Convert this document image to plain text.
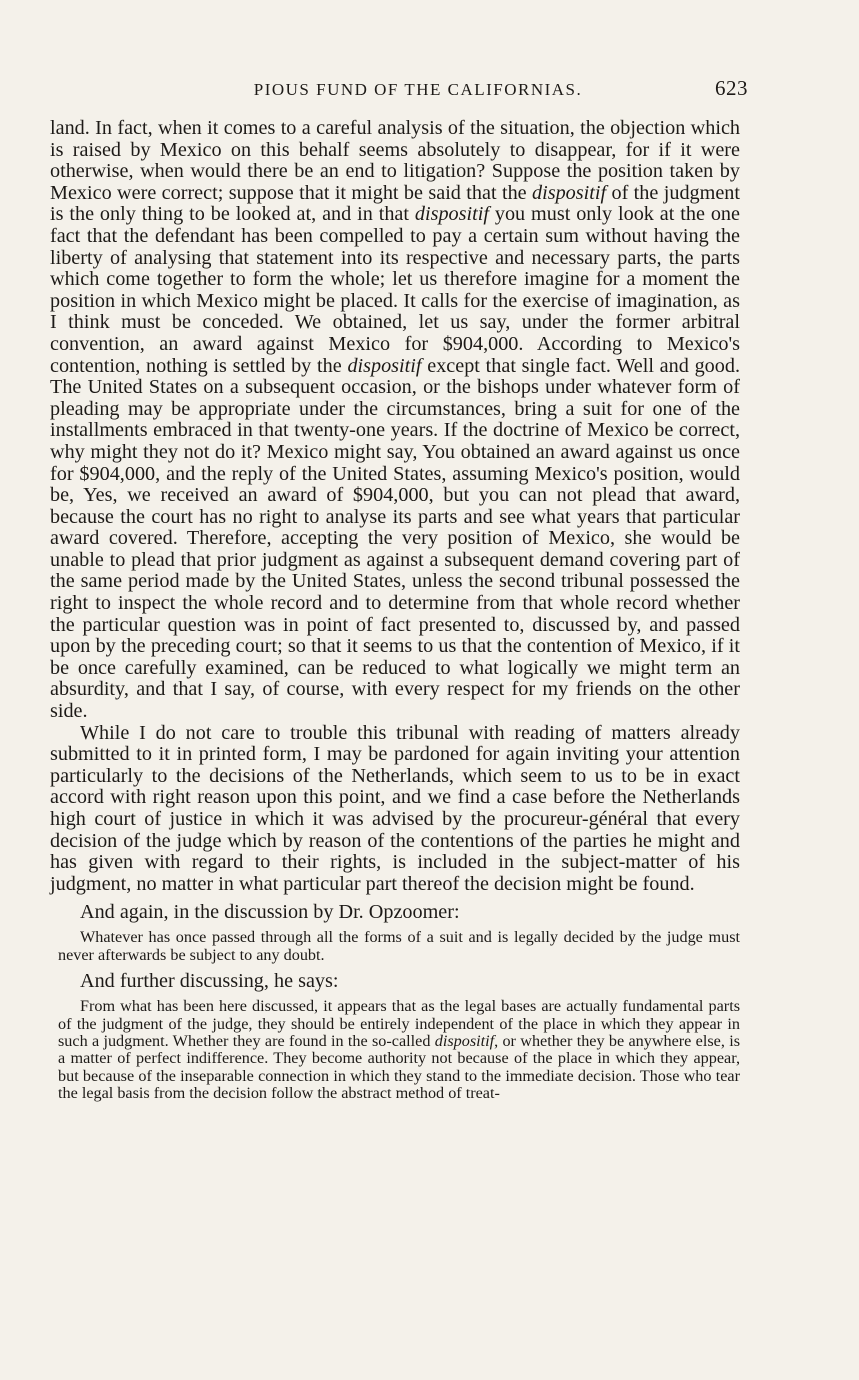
PIOUS FUND OF THE CALIFORNIAS.	623

land. In fact, when it comes to a careful analysis of the situation, the objection which is raised by Mexico on this behalf seems absolutely to disappear, for if it were otherwise, when would there be an end to litigation? Suppose the position taken by Mexico were correct; suppose that it might be said that the dispositif of the judgment is the only thing to be looked at, and in that dispositif you must only look at the one fact that the defendant has been compelled to pay a certain sum without having the liberty of analysing that statement into its respective and necessary parts, the parts which come together to form the whole; let us therefore imagine for a moment the position in which Mexico might be placed. It calls for the exercise of imagination, as I think must be conceded. We obtained, let us say, under the former arbitral convention, an award against Mexico for $904,000. According to Mexico's contention, nothing is settled by the dispositif except that single fact. Well and good. The United States on a subsequent occasion, or the bishops under whatever form of pleading may be appropriate under the circumstances, bring a suit for one of the installments embraced in that twenty-one years. If the doctrine of Mexico be correct, why might they not do it? Mexico might say, You obtained an award against us once for $904,000, and the reply of the United States, assuming Mexico's position, would be, Yes, we received an award of $904,000, but you can not plead that award, because the court has no right to analyse its parts and see what years that particular award covered. Therefore, accepting the very position of Mexico, she would be unable to plead that prior judgment as against a subsequent demand covering part of the same period made by the United States, unless the second tribunal possessed the right to inspect the whole record and to determine from that whole record whether the particular question was in point of fact presented to, discussed by, and passed upon by the preceding court; so that it seems to us that the contention of Mexico, if it be once carefully examined, can be reduced to what logically we might term an absurdity, and that I say, of course, with every respect for my friends on the other side.

While I do not care to trouble this tribunal with reading of matters already submitted to it in printed form, I may be pardoned for again inviting your attention particularly to the decisions of the Netherlands, which seem to us to be in exact accord with right reason upon this point, and we find a case before the Netherlands high court of justice in which it was advised by the procureur-général that every decision of the judge which by reason of the contentions of the parties he might and has given with regard to their rights, is included in the subject-matter of his judgment, no matter in what particular part thereof the decision might be found.

And again, in the discussion by Dr. Opzoomer:

Whatever has once passed through all the forms of a suit and is legally decided by the judge must never afterwards be subject to any doubt.

And further discussing, he says:

From what has been here discussed, it appears that as the legal bases are actually fundamental parts of the judgment of the judge, they should be entirely independent of the place in which they appear in such a judgment. Whether they are found in the so-called dispositif, or whether they be anywhere else, is a matter of perfect indifference. They become authority not because of the place in which they appear, but because of the inseparable connection in which they stand to the immediate decision. Those who tear the legal basis from the decision follow the abstract method of treat-
